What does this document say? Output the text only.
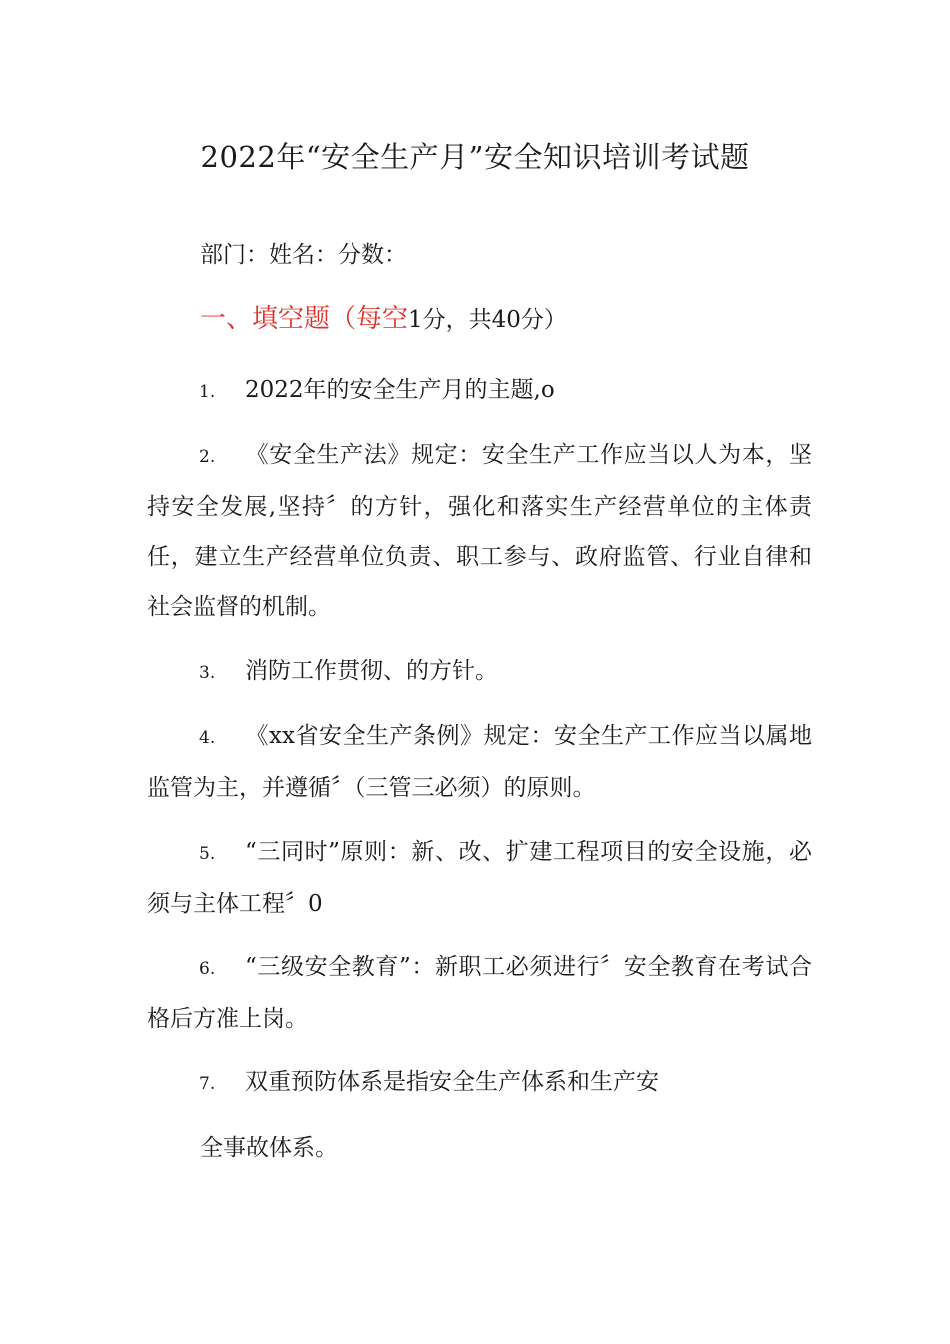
2022年“安全生产月”安全知识培训考试题
部门：姓名：分数：
一、填空题（每空1分，共40分）
1. 2022年的安全生产月的主题,o
2. 《安全生产法》规定：安全生产工作应当以人为本，坚持安全发展,坚持〞的方针，强化和落实生产经营单位的主体责任，建立生产经营单位负责、职工参与、政府监管、行业自律和社会监督的机制。
3. 消防工作贯彻、的方针。
4. 《xx省安全生产条例》规定：安全生产工作应当以属地监管为主，并遵循〞（三管三必须）的原则。
5. “三同时”原则：新、改、扩建工程项目的安全设施，必须与主体工程〞0
6. “三级安全教育”：新职工必须进行〞安全教育在考试合格后方准上岗。
7. 双重预防体系是指安全生产体系和生产安
全事故体系。
